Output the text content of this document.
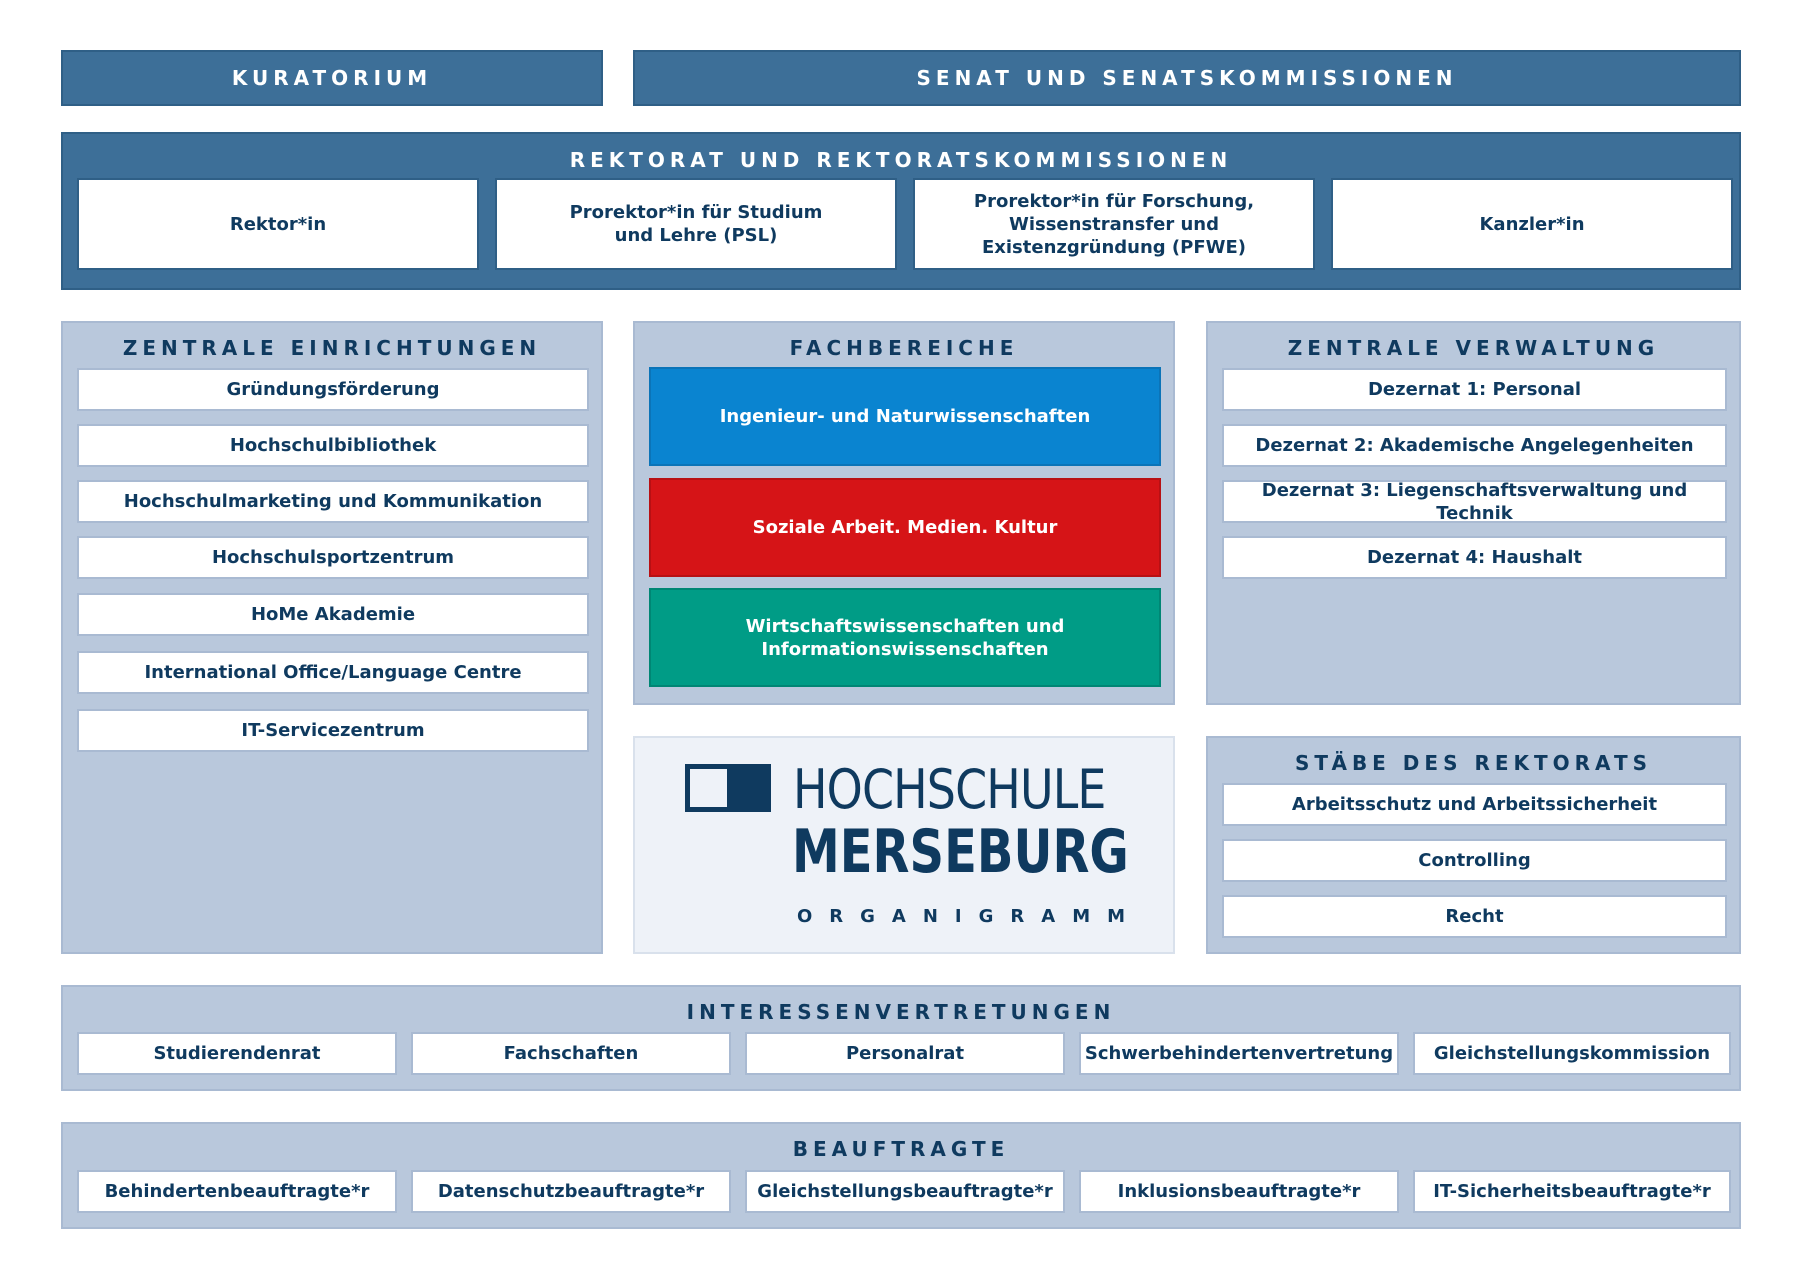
KURATORIUM	SENAT UND SENATSKOMMISSIONEN
REKTORAT UND REKTORATSKOMMISSIONEN
Rektor*in
Prorektor*in für Studium
und Lehre (PSL)
Prorektor*in für Forschung,
Wissenstransfer und
Existenzgründung (PFWE)
Kanzler*in
ZENTRALE EINRICHTUNGEN
Gründungsförderung
Hochschulbibliothek
Hochschulmarketing und Kommunikation
Hochschulsportzentrum
HoMe Akademie
International Office/Language Centre
IT-Servicezentrum
FACHBEREICHE
Ingenieur- und Naturwissenschaften
Soziale Arbeit. Medien. Kultur
Wirtschaftswissenschaften und
Informationswissenschaften
ZENTRALE VERWALTUNG
Dezernat 1: Personal
Dezernat 2: Akademische Angelegenheiten
Dezernat 3: Liegenschaftsverwaltung und Technik
Dezernat 4: Haushalt
HOCHSCHULE
MERSEBURG
ORGANIGRAMM
STÄBE DES REKTORATS
Arbeitsschutz und Arbeitssicherheit
Controlling
Recht
INTERESSENVERTRETUNGEN
Studierendenrat	Fachschaften	Personalrat	Schwerbehindertenvertretung	Gleichstellungskommission
BEAUFTRAGTE
Behindertenbeauftragte*r	Datenschutzbeauftragte*r	Gleichstellungsbeauftragte*r	Inklusionsbeauftragte*r	IT-Sicherheitsbeauftragte*r
